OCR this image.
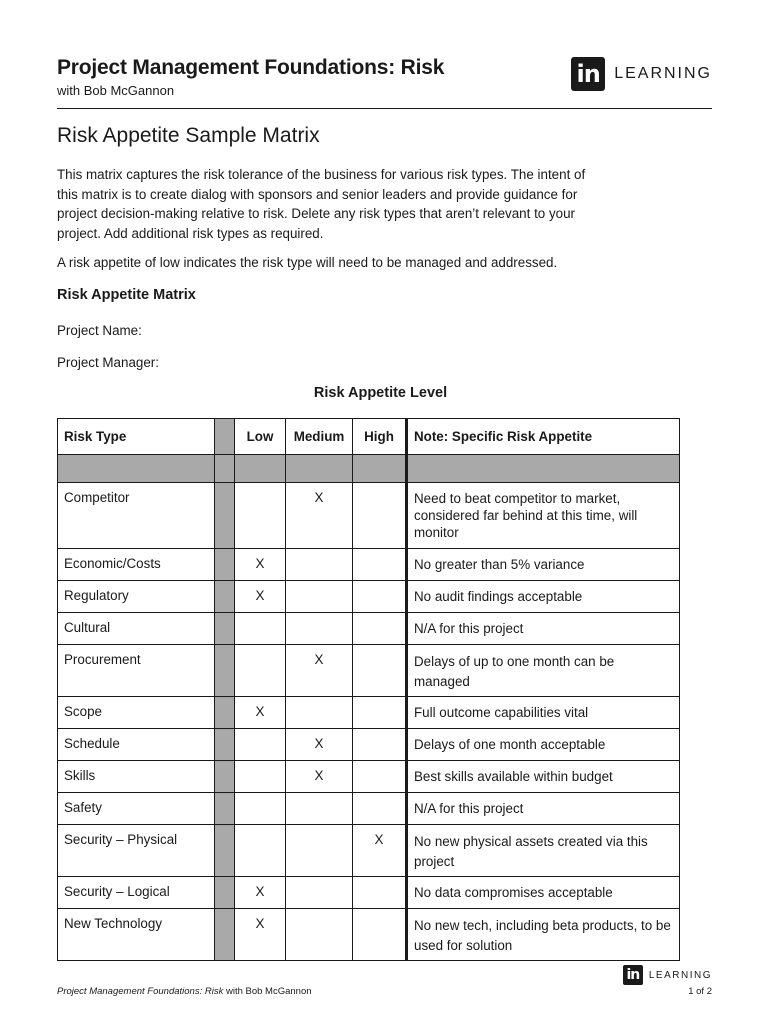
Project Management Foundations: Risk
with Bob McGannon
in LEARNING
Risk Appetite Sample Matrix

This matrix captures the risk tolerance of the business for various risk types. The intent of this matrix is to create dialog with sponsors and senior leaders and provide guidance for project decision-making relative to risk. Delete any risk types that aren’t relevant to your project. Add additional risk types as required.

A risk appetite of low indicates the risk type will need to be managed and addressed.

Risk Appetite Matrix
Project Name:
Project Manager:
Risk Appetite Level
Risk Type		Low	Medium	High	Note: Specific Risk Appetite

Competitor			X		Need to beat competitor to market, considered far behind at this time, will monitor
Economic/Costs		X			No greater than 5% variance
Regulatory		X			No audit findings acceptable
Cultural					N/A for this project
Procurement			X		Delays of up to one month can be managed
Scope		X			Full outcome capabilities vital
Schedule			X		Delays of one month acceptable
Skills			X		Best skills available within budget
Safety					N/A for this project
Security – Physical				X	No new physical assets created via this project
Security – Logical		X			No data compromises acceptable
New Technology		X			No new tech, including beta products, to be used for solution
Project Management Foundations: Risk with Bob McGannon
in LEARNING
1 of 2
